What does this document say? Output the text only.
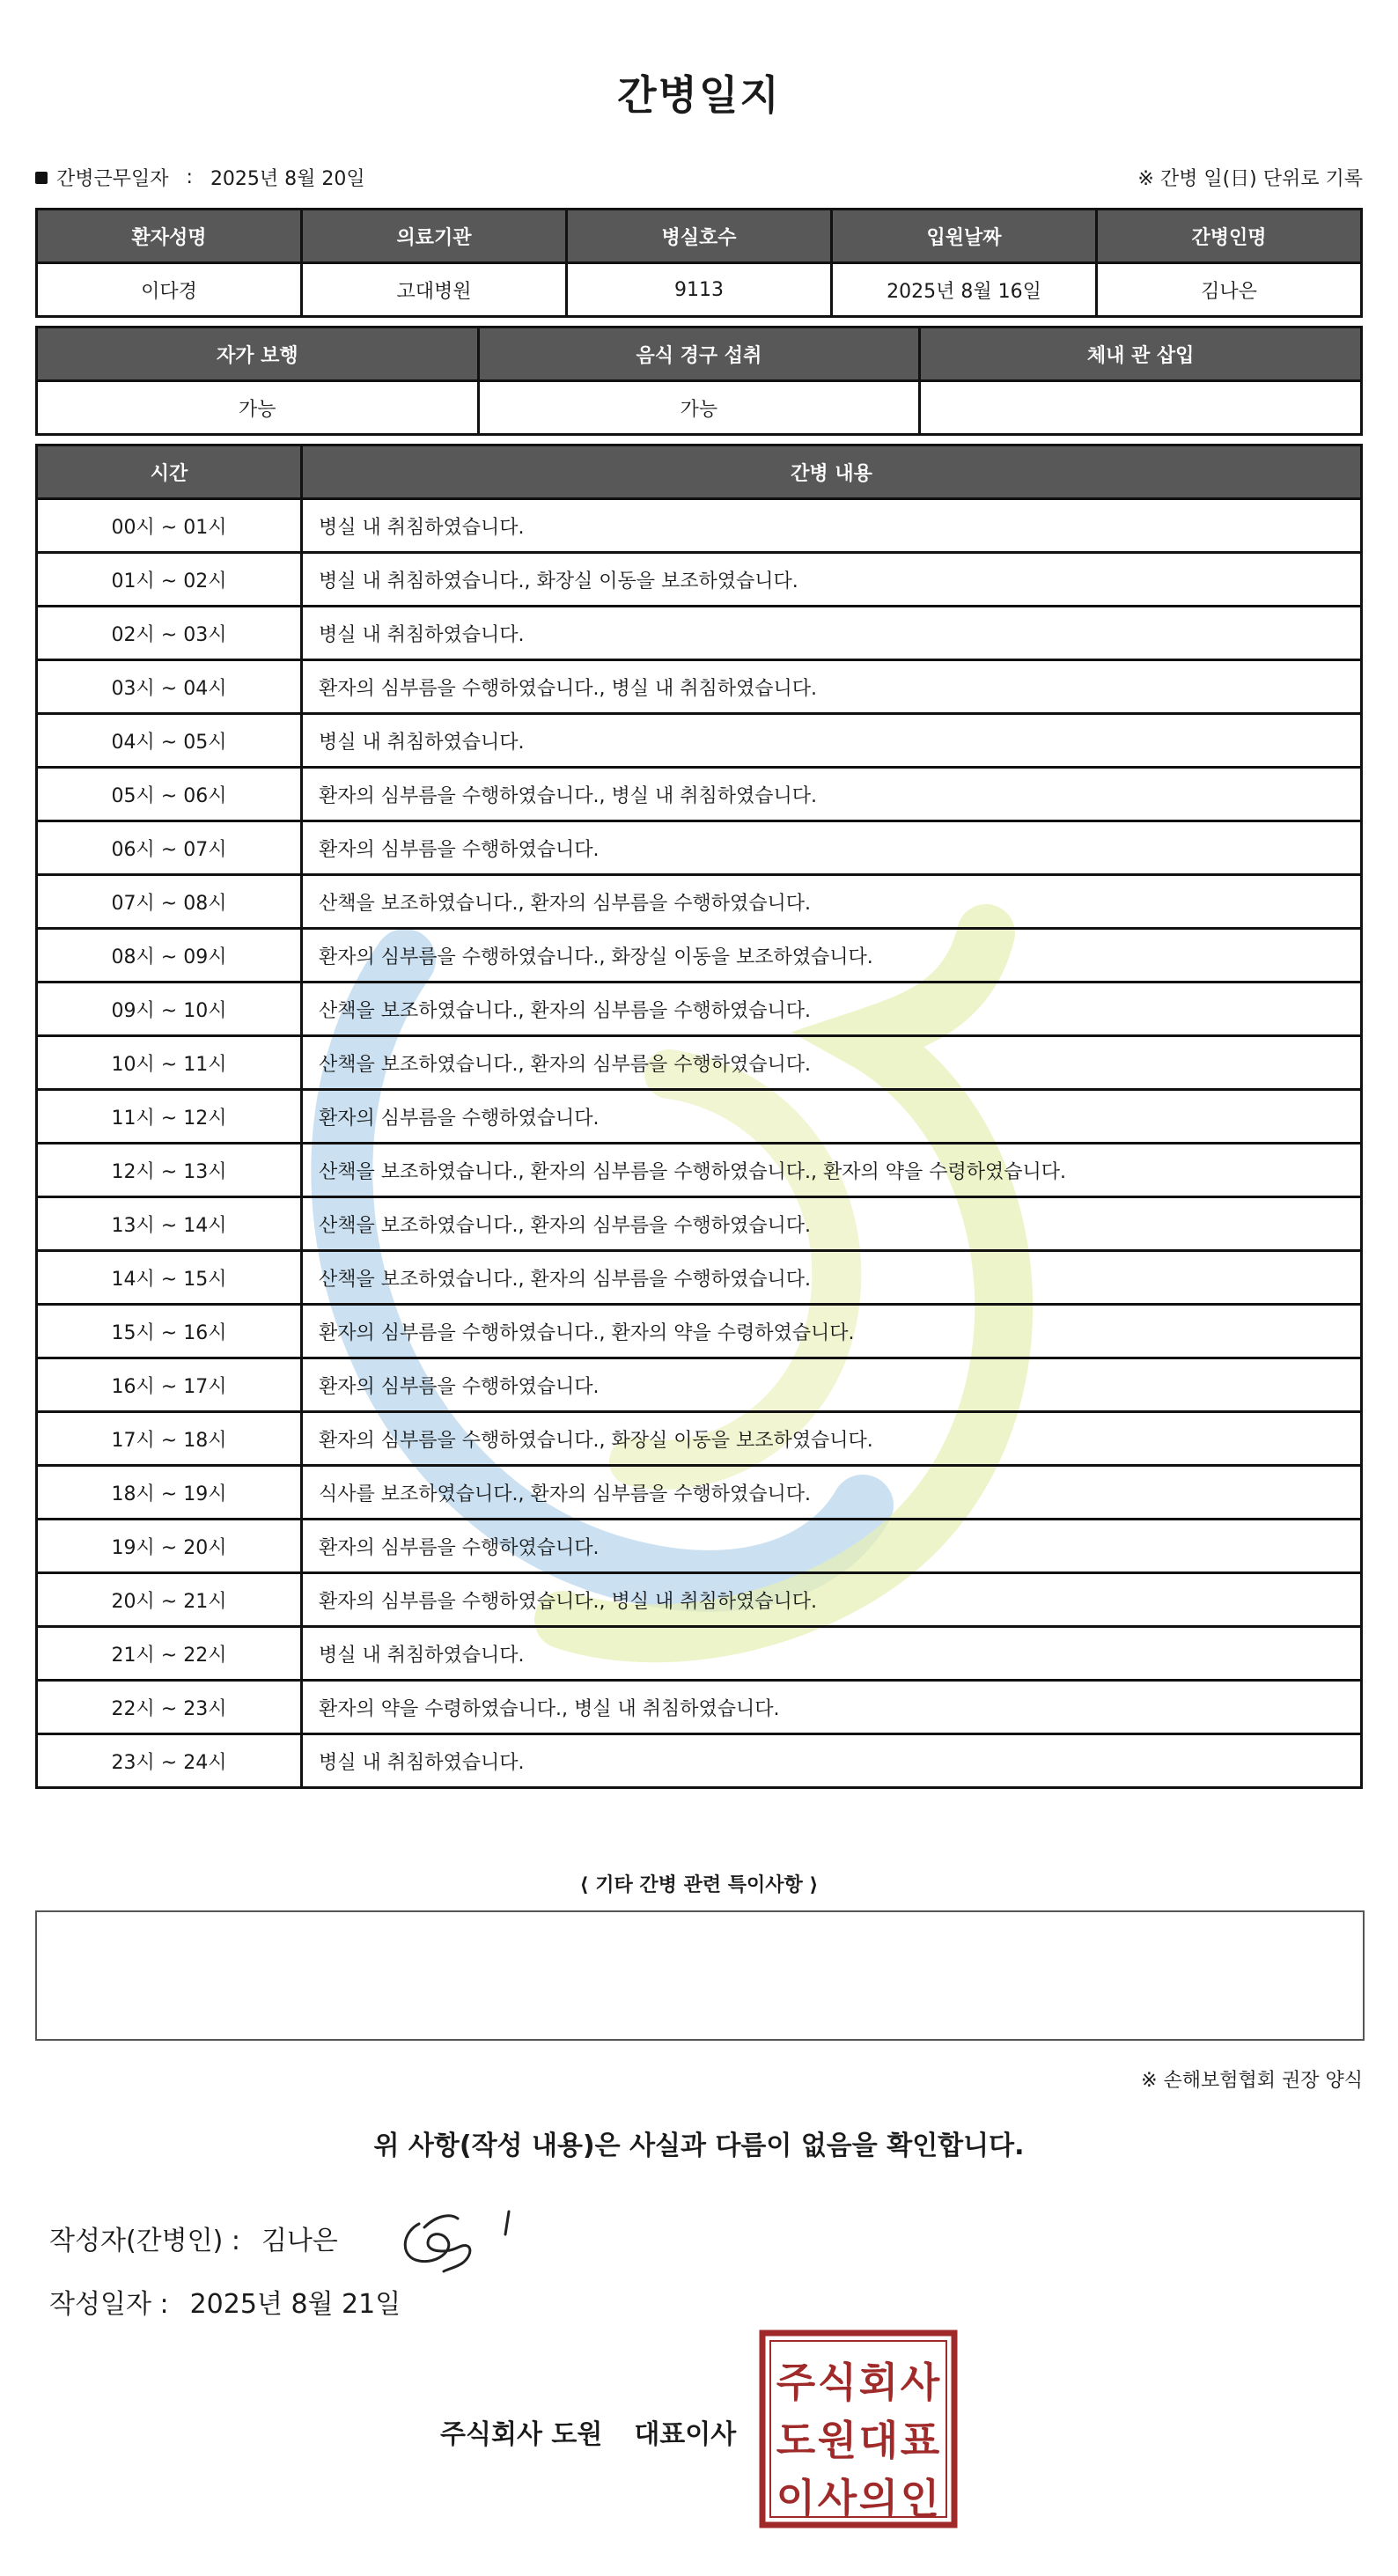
간병일지
간병근무일자 : 2025년 8월 20일	※ 간병 일(日) 단위로 기록
환자성명	의료기관	병실호수	입원날짜	간병인명
이다경	고대병원	9113	2025년 8월 16일	김나은
자가 보행	음식 경구 섭취	체내 관 삽입
가능	가능	
시간	간병 내용
00시 ~ 01시	병실 내 취침하였습니다.
01시 ~ 02시	병실 내 취침하였습니다., 화장실 이동을 보조하였습니다.
02시 ~ 03시	병실 내 취침하였습니다.
03시 ~ 04시	환자의 심부름을 수행하였습니다., 병실 내 취침하였습니다.
04시 ~ 05시	병실 내 취침하였습니다.
05시 ~ 06시	환자의 심부름을 수행하였습니다., 병실 내 취침하였습니다.
06시 ~ 07시	환자의 심부름을 수행하였습니다.
07시 ~ 08시	산책을 보조하였습니다., 환자의 심부름을 수행하였습니다.
08시 ~ 09시	환자의 심부름을 수행하였습니다., 화장실 이동을 보조하였습니다.
09시 ~ 10시	산책을 보조하였습니다., 환자의 심부름을 수행하였습니다.
10시 ~ 11시	산책을 보조하였습니다., 환자의 심부름을 수행하였습니다.
11시 ~ 12시	환자의 심부름을 수행하였습니다.
12시 ~ 13시	산책을 보조하였습니다., 환자의 심부름을 수행하였습니다., 환자의 약을 수령하였습니다.
13시 ~ 14시	산책을 보조하였습니다., 환자의 심부름을 수행하였습니다.
14시 ~ 15시	산책을 보조하였습니다., 환자의 심부름을 수행하였습니다.
15시 ~ 16시	환자의 심부름을 수행하였습니다., 환자의 약을 수령하였습니다.
16시 ~ 17시	환자의 심부름을 수행하였습니다.
17시 ~ 18시	환자의 심부름을 수행하였습니다., 화장실 이동을 보조하였습니다.
18시 ~ 19시	식사를 보조하였습니다., 환자의 심부름을 수행하였습니다.
19시 ~ 20시	환자의 심부름을 수행하였습니다.
20시 ~ 21시	환자의 심부름을 수행하였습니다., 병실 내 취침하였습니다.
21시 ~ 22시	병실 내 취침하였습니다.
22시 ~ 23시	환자의 약을 수령하였습니다., 병실 내 취침하였습니다.
23시 ~ 24시	병실 내 취침하였습니다.
⟨ 기타 간병 관련 특이사항 ⟩
※ 손해보험협회 권장 양식
위 사항(작성 내용)은 사실과 다름이 없음을 확인합니다.
작성자(간병인) : 김나은
작성일자 : 2025년 8월 21일
주식회사 도원 대표이사
주 식 회 사
도 원 대 표
이 사 의 인
